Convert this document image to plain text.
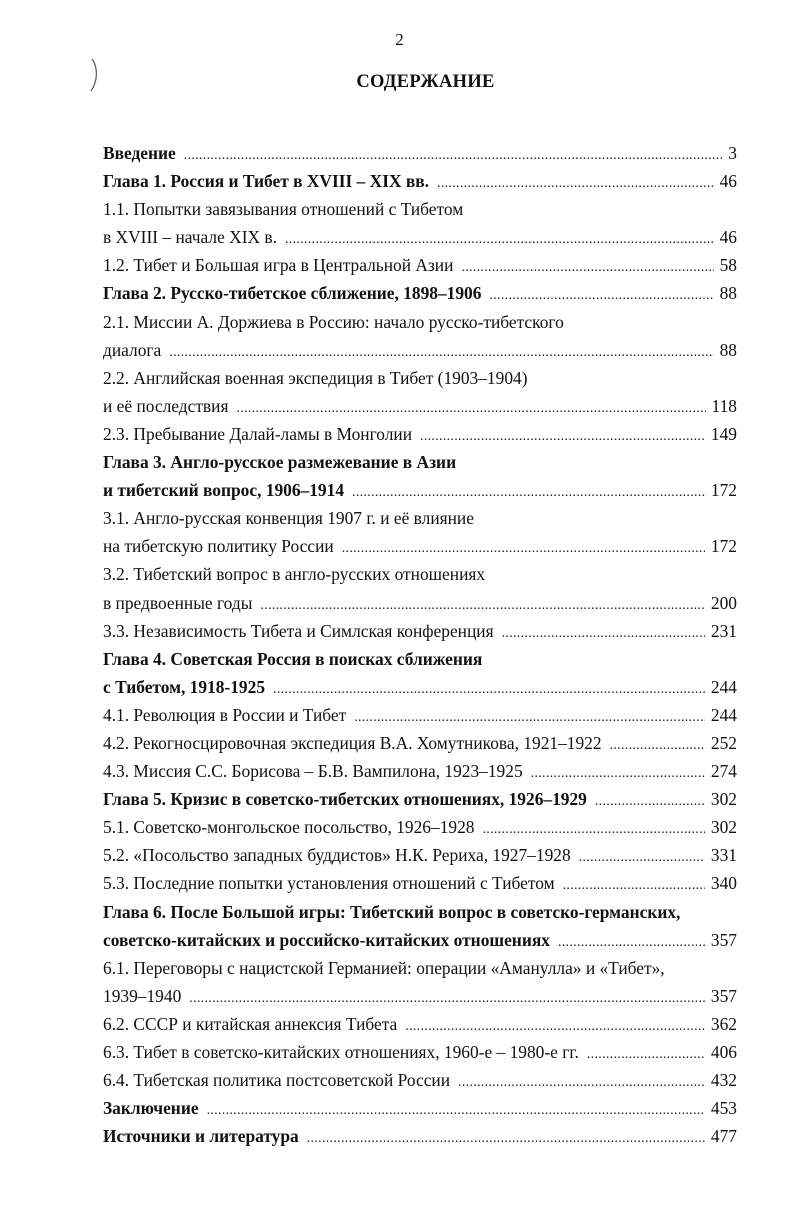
2
СОДЕРЖАНИЕ
Введение . . .	3
Глава 1. Россия и Тибет в XVIII – XIX вв. . . .	46
1.1. Попытки завязывания отношений с Тибетом
в XVIII – начале XIX в. . . .	46
1.2. Тибет и Большая игра в Центральной Азии . . .	58
Глава 2. Русско-тибетское сближение, 1898–1906 . . .	88
2.1. Миссии А. Доржиева в Россию: начало русско-тибетского
диалога . . .	88
2.2. Английская военная экспедиция в Тибет (1903–1904)
и её последствия . . .	118
2.3. Пребывание Далай-ламы в Монголии . . .	149
Глава 3. Англо-русское размежевание в Азии
и тибетский вопрос, 1906–1914 . . .	172
3.1. Англо-русская конвенция 1907 г. и её влияние
на тибетскую политику России . . .	172
3.2. Тибетский вопрос в англо-русских отношениях
в предвоенные годы . . .	200
3.3. Независимость Тибета и Симлская конференция . . .	231
Глава 4. Советская Россия в поисках сближения
с Тибетом, 1918-1925 . . .	244
4.1. Революция в России и Тибет . . .	244
4.2. Рекогносцировочная экспедиция В.А. Хомутникова, 1921–1922 . . .	252
4.3. Миссия С.С. Борисова – Б.В. Вампилона, 1923–1925 . . .	274
Глава 5. Кризис в советско-тибетских отношениях, 1926–1929 . . .	302
5.1. Советско-монгольское посольство, 1926–1928 . . .	302
5.2. «Посольство западных буддистов» Н.К. Рериха, 1927–1928 . . .	331
5.3. Последние попытки установления отношений с Тибетом . . .	340
Глава 6. После Большой игры: Тибетский вопрос в советско-германских,
советско-китайских и российско-китайских отношениях . . .	357
6.1. Переговоры с нацистской Германией: операции «Аманулла» и «Тибет»,
1939–1940 . . .	357
6.2. СССР и китайская аннексия Тибета . . .	362
6.3. Тибет в советско-китайских отношениях, 1960-е – 1980-е гг. . . .	406
6.4. Тибетская политика постсоветской России . . .	432
Заключение . . .	453
Источники и литература . . .	477
